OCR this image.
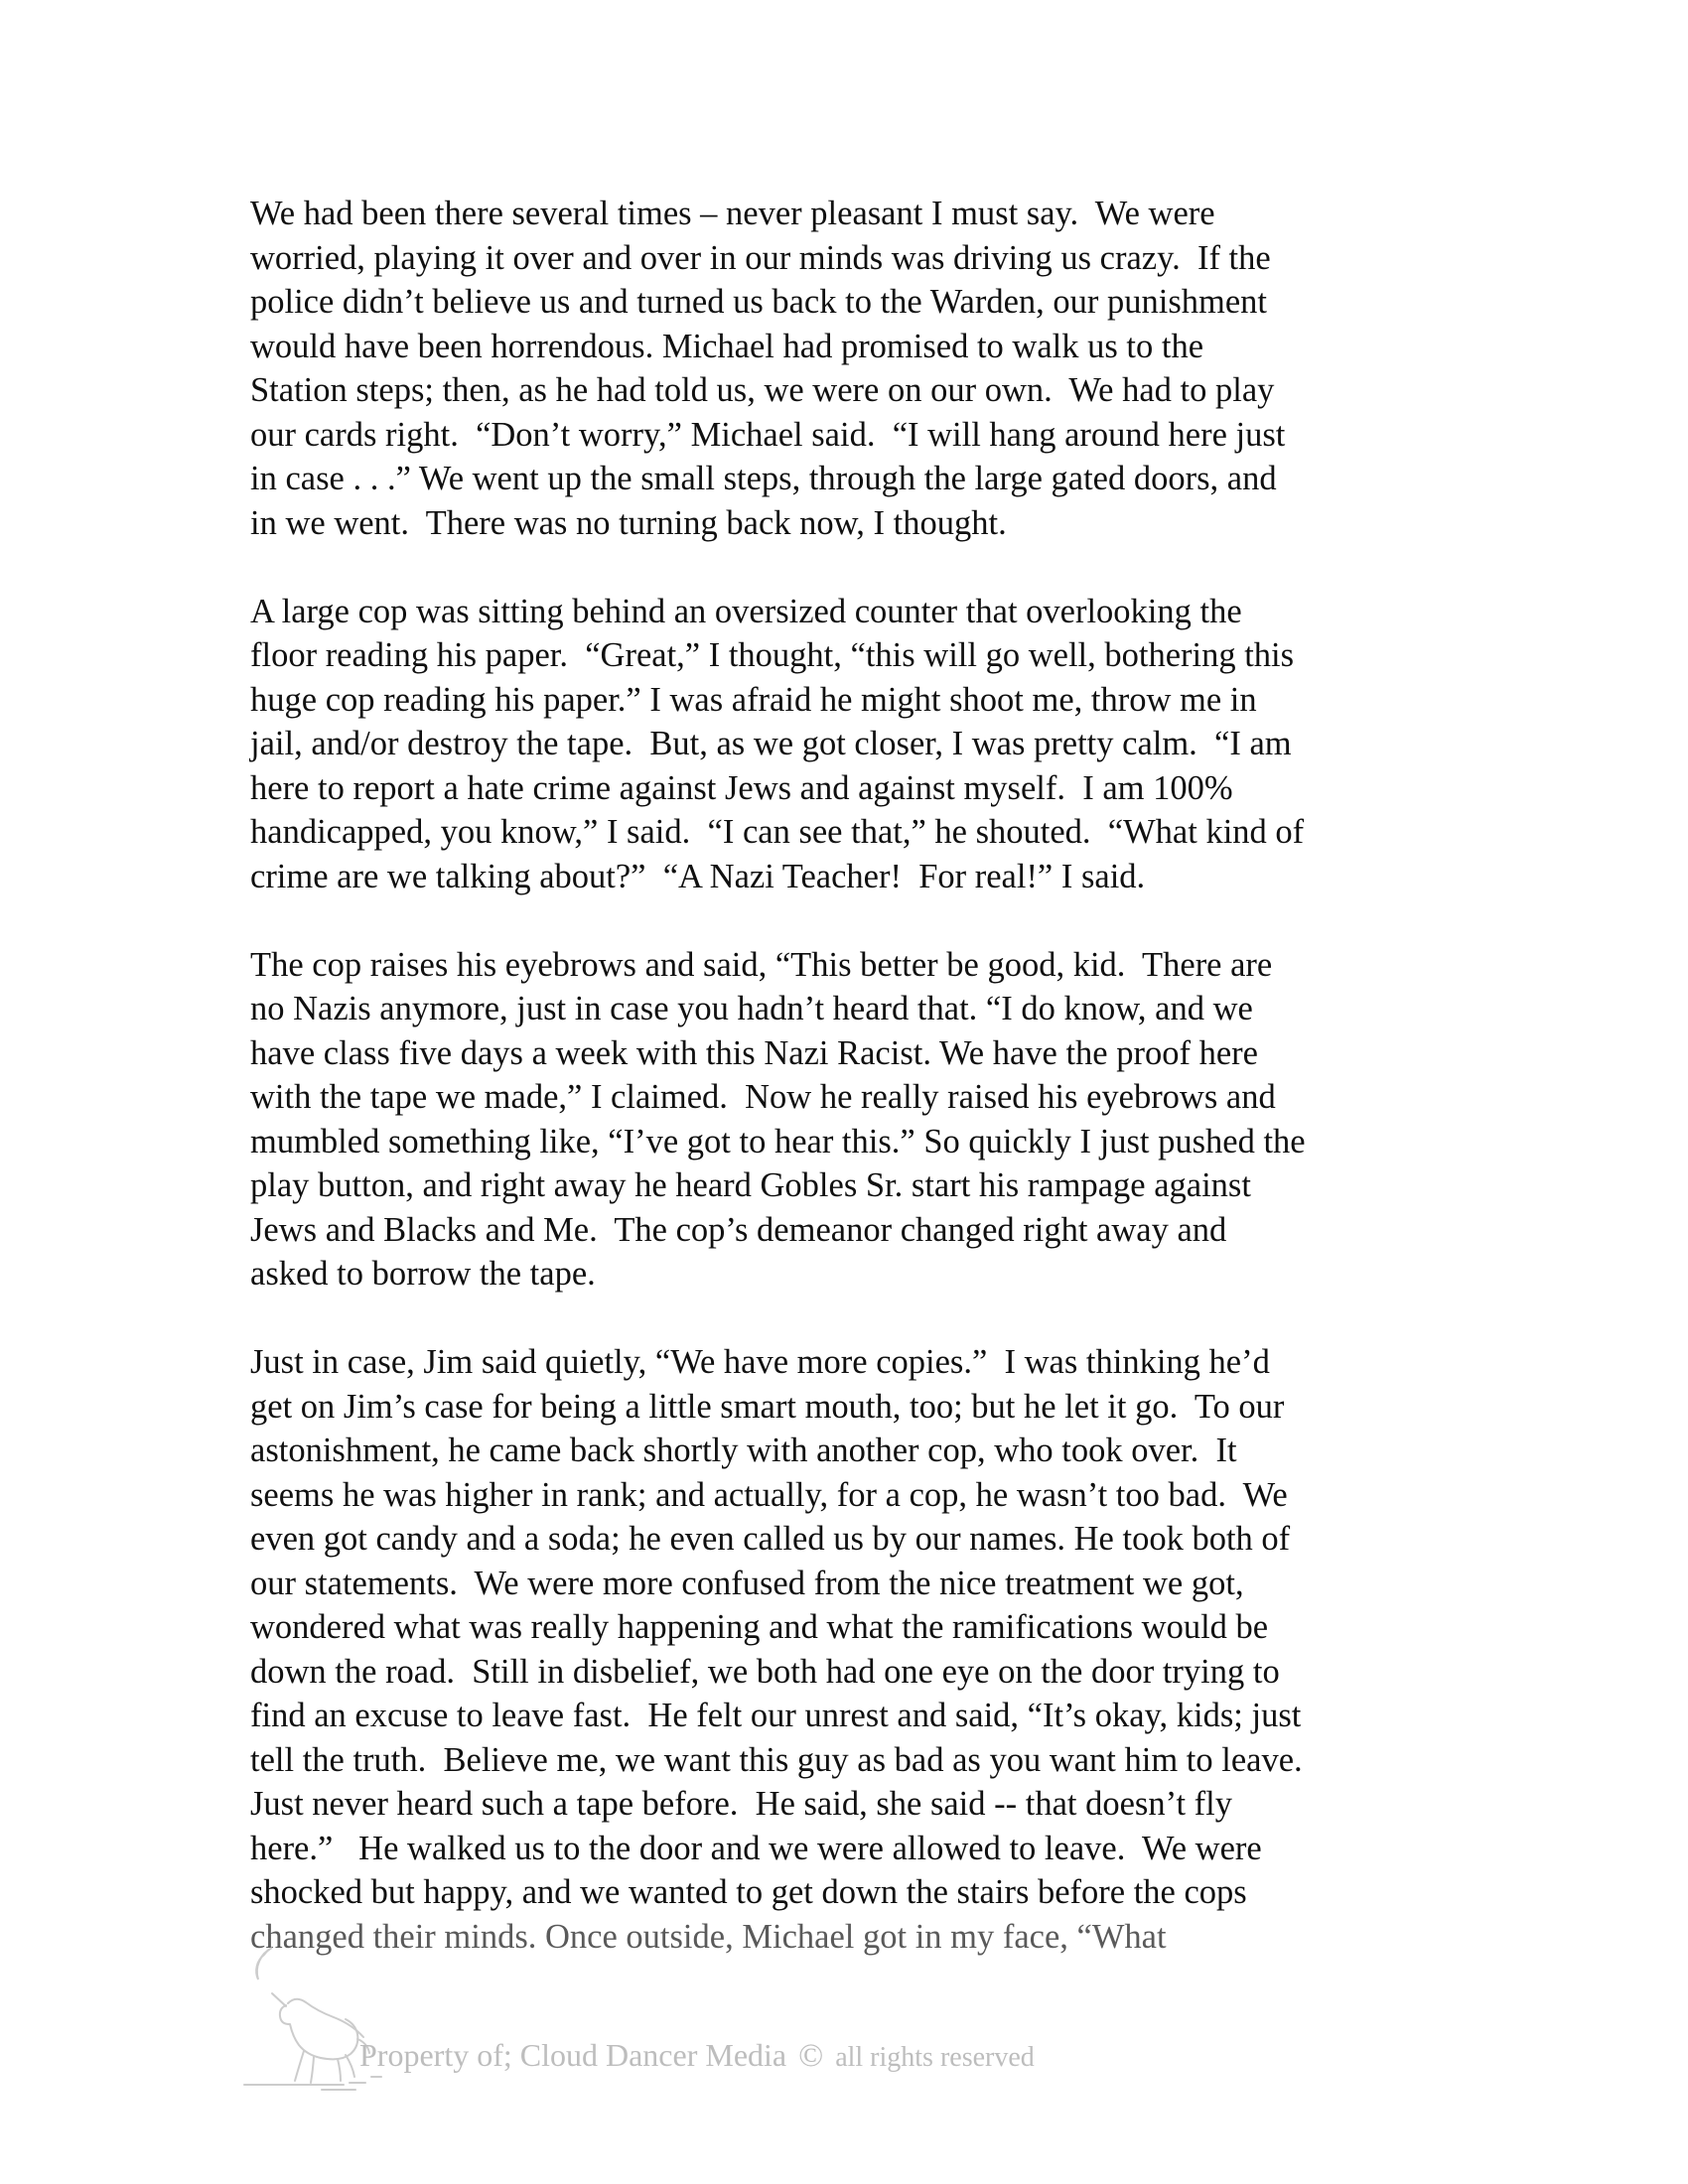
We had been there several times – never pleasant I must say.  We were
worried, playing it over and over in our minds was driving us crazy.  If the
police didn’t believe us and turned us back to the Warden, our punishment
would have been horrendous. Michael had promised to walk us to the
Station steps; then, as he had told us, we were on our own.  We had to play
our cards right.  “Don’t worry,” Michael said.  “I will hang around here just
in case . . .” We went up the small steps, through the large gated doors, and
in we went.  There was no turning back now, I thought.
A large cop was sitting behind an oversized counter that overlooking the
floor reading his paper.  “Great,” I thought, “this will go well, bothering this
huge cop reading his paper.” I was afraid he might shoot me, throw me in
jail, and/or destroy the tape.  But, as we got closer, I was pretty calm.  “I am
here to report a hate crime against Jews and against myself.  I am 100%
handicapped, you know,” I said.  “I can see that,” he shouted.  “What kind of
crime are we talking about?”  “A Nazi Teacher!  For real!” I said.
The cop raises his eyebrows and said, “This better be good, kid.  There are
no Nazis anymore, just in case you hadn’t heard that. “I do know, and we
have class five days a week with this Nazi Racist. We have the proof here
with the tape we made,” I claimed.  Now he really raised his eyebrows and
mumbled something like, “I’ve got to hear this.” So quickly I just pushed the
play button, and right away he heard Gobles Sr. start his rampage against
Jews and Blacks and Me.  The cop’s demeanor changed right away and
asked to borrow the tape.
Just in case, Jim said quietly, “We have more copies.”  I was thinking he’d
get on Jim’s case for being a little smart mouth, too; but he let it go.  To our
astonishment, he came back shortly with another cop, who took over.  It
seems he was higher in rank; and actually, for a cop, he wasn’t too bad.  We
even got candy and a soda; he even called us by our names. He took both of
our statements.  We were more confused from the nice treatment we got,
wondered what was really happening and what the ramifications would be
down the road.  Still in disbelief, we both had one eye on the door trying to
find an excuse to leave fast.  He felt our unrest and said, “It’s okay, kids; just
tell the truth.  Believe me, we want this guy as bad as you want him to leave.
Just never heard such a tape before.  He said, she said -- that doesn’t fly
here.”   He walked us to the door and we were allowed to leave.  We were
shocked but happy, and we wanted to get down the stairs before the cops
changed their minds. Once outside, Michael got in my face, “What
Property of; Cloud Dancer Media © all rights reserved
